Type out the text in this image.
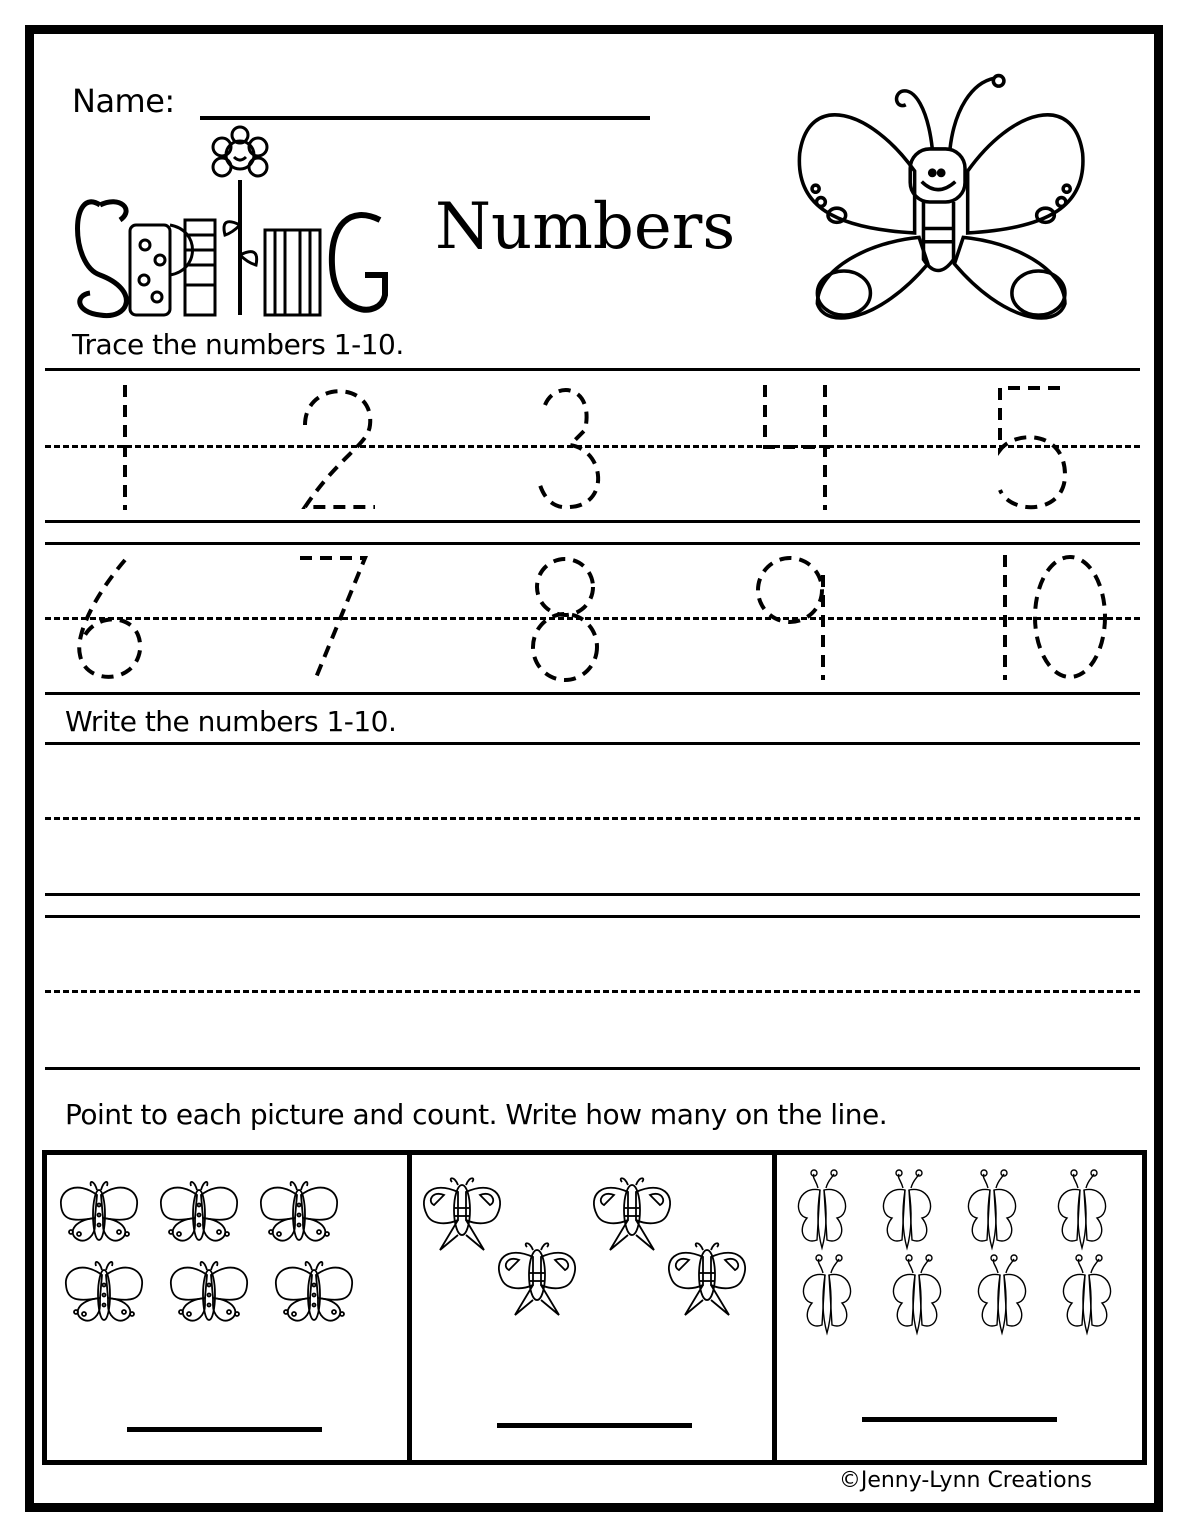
Name:
Numbers
Trace the numbers 1-10.
Write the numbers 1-10.
Point to each picture and count. Write how many on the line.
©Jenny-Lynn Creations
